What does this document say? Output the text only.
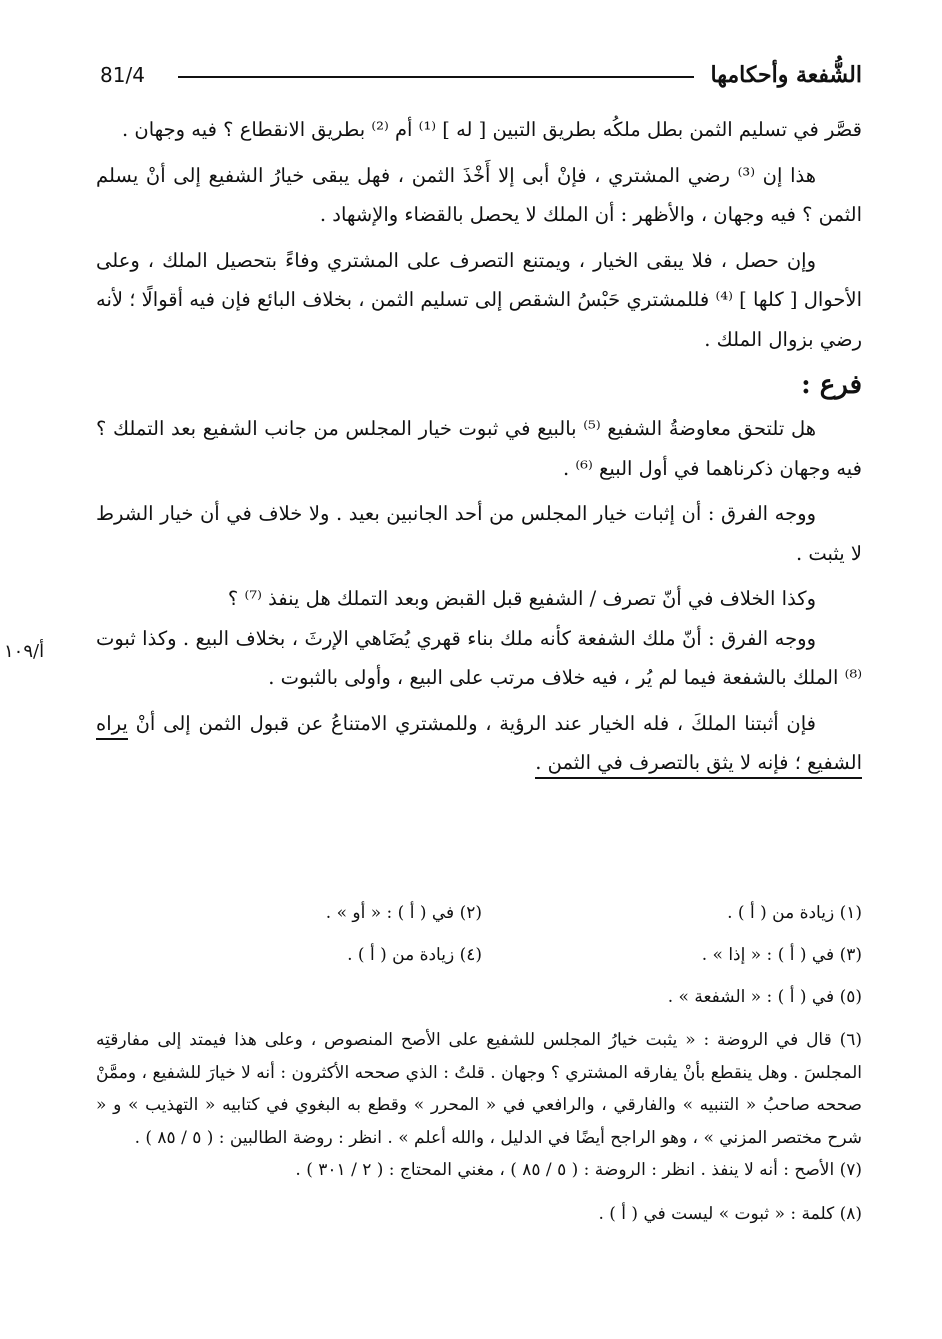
الشُّفعة وأحكامها
81/4
أ/١٠٩

قصَّر في تسليم الثمن بطل ملكُه بطريق التبين [ له ] ⁽¹⁾ أم ⁽²⁾ بطريق الانقطاع ؟ فيه وجهان .

هذا إن ⁽³⁾ رضي المشتري ، فإنْ أبى إلا أَخْذَ الثمن ، فهل يبقى خيارُ الشفيع إلى أنْ يسلم الثمن ؟ فيه وجهان ، والأظهر : أن الملك لا يحصل بالقضاء والإشهاد .

وإن حصل ، فلا يبقى الخيار ، ويمتنع التصرف على المشتري وفاءً بتحصيل الملك ، وعلى الأحوال [ كلها ] ⁽⁴⁾ فللمشتري حَبْسُ الشقص إلى تسليم الثمن ، بخلاف البائع فإن فيه أقوالًا ؛ لأنه رضي بزوال الملك .

فرع :

هل تلتحق معاوضةُ الشفيع ⁽⁵⁾ بالبيع في ثبوت خيار المجلس من جانب الشفيع بعد التملك ؟ فيه وجهان ذكرناهما في أول البيع ⁽⁶⁾ .

ووجه الفرق : أن إثبات خيار المجلس من أحد الجانبين بعيد . ولا خلاف في أن خيار الشرط لا يثبت .

وكذا الخلاف في أنّ تصرف / الشفيع قبل القبض وبعد التملك هل ينفذ ⁽⁷⁾ ؟

ووجه الفرق : أنّ ملك الشفعة كأنه ملك بناء قهري يُضَاهي الإرثَ ، بخلاف البيع . وكذا ثبوت ⁽⁸⁾ الملك بالشفعة فيما لم يُر ، فيه خلاف مرتب على البيع ، وأولى بالثبوت .

فإن أثبتنا الملكَ ، فله الخيار عند الرؤية ، وللمشتري الامتناعُ عن قبول الثمن إلى أنْ يراه الشفيع ؛ فإنه لا يثق بالتصرف في الثمن .

(١) زيادة من ( أ ) .
(٢) في ( أ ) : « أو » .
(٣) في ( أ ) : « إذا » .
(٤) زيادة من ( أ ) .
(٥) في ( أ ) : « الشفعة » .

(٦) قال في الروضة : « يثبت خيارُ المجلس للشفيع على الأصح المنصوص ، وعلى هذا فيمتد إلى مفارقتِه المجلسَ . وهل ينقطع بأنْ يفارقه المشتري ؟ وجهان . قلتُ : الذي صححه الأكثرون : أنه لا خيارَ للشفيع ، وممَّنْ صححه صاحبُ « التنبيه » والفارقي ، والرافعي في « المحرر » وقطع به البغوي في كتابيه « التهذيب » و « شرح مختصر المزني » ، وهو الراجح أيضًا في الدليل ، والله أعلم » . انظر : روضة الطالبين : ( ٥ / ٨٥ ) .

(٧) الأصح : أنه لا ينفذ . انظر : الروضة : ( ٥ / ٨٥ ) ، مغني المحتاج : ( ٢ / ٣٠١ ) .

(٨) كلمة : « ثبوت » ليست في ( أ ) .
